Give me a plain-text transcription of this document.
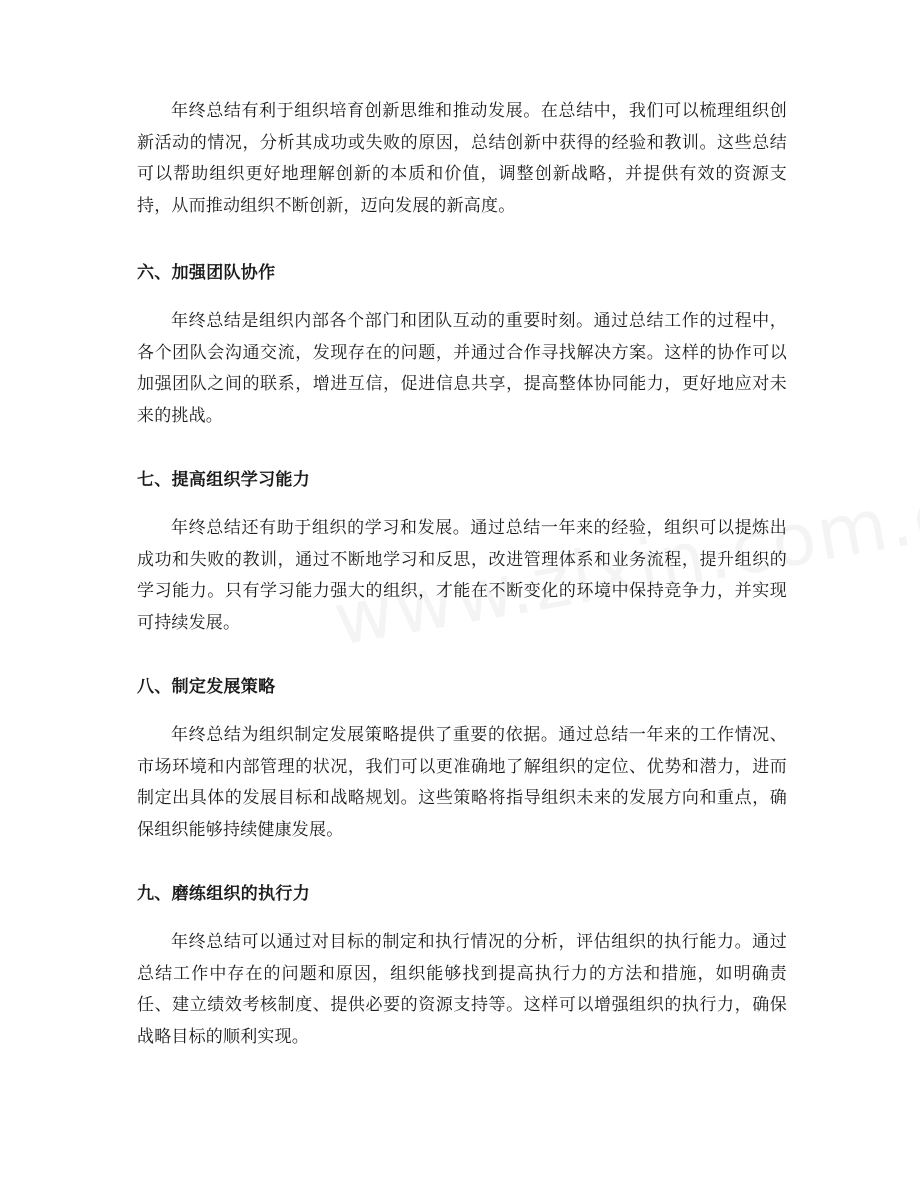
年终总结有利于组织培育创新思维和推动发展。在总结中，我们可以梳理组织创新活动的情况，分析其成功或失败的原因，总结创新中获得的经验和教训。这些总结可以帮助组织更好地理解创新的本质和价值，调整创新战略，并提供有效的资源支持，从而推动组织不断创新，迈向发展的新高度。

六、加强团队协作

年终总结是组织内部各个部门和团队互动的重要时刻。通过总结工作的过程中，各个团队会沟通交流，发现存在的问题，并通过合作寻找解决方案。这样的协作可以加强团队之间的联系，增进互信，促进信息共享，提高整体协同能力，更好地应对未来的挑战。

七、提高组织学习能力

年终总结还有助于组织的学习和发展。通过总结一年来的经验，组织可以提炼出成功和失败的教训，通过不断地学习和反思，改进管理体系和业务流程，提升组织的学习能力。只有学习能力强大的组织，才能在不断变化的环境中保持竞争力，并实现可持续发展。

八、制定发展策略

年终总结为组织制定发展策略提供了重要的依据。通过总结一年来的工作情况、市场环境和内部管理的状况，我们可以更准确地了解组织的定位、优势和潜力，进而制定出具体的发展目标和战略规划。这些策略将指导组织未来的发展方向和重点，确保组织能够持续健康发展。

九、磨练组织的执行力

年终总结可以通过对目标的制定和执行情况的分析，评估组织的执行能力。通过总结工作中存在的问题和原因，组织能够找到提高执行力的方法和措施，如明确责任、建立绩效考核制度、提供必要的资源支持等。这样可以增强组织的执行力，确保战略目标的顺利实现。
